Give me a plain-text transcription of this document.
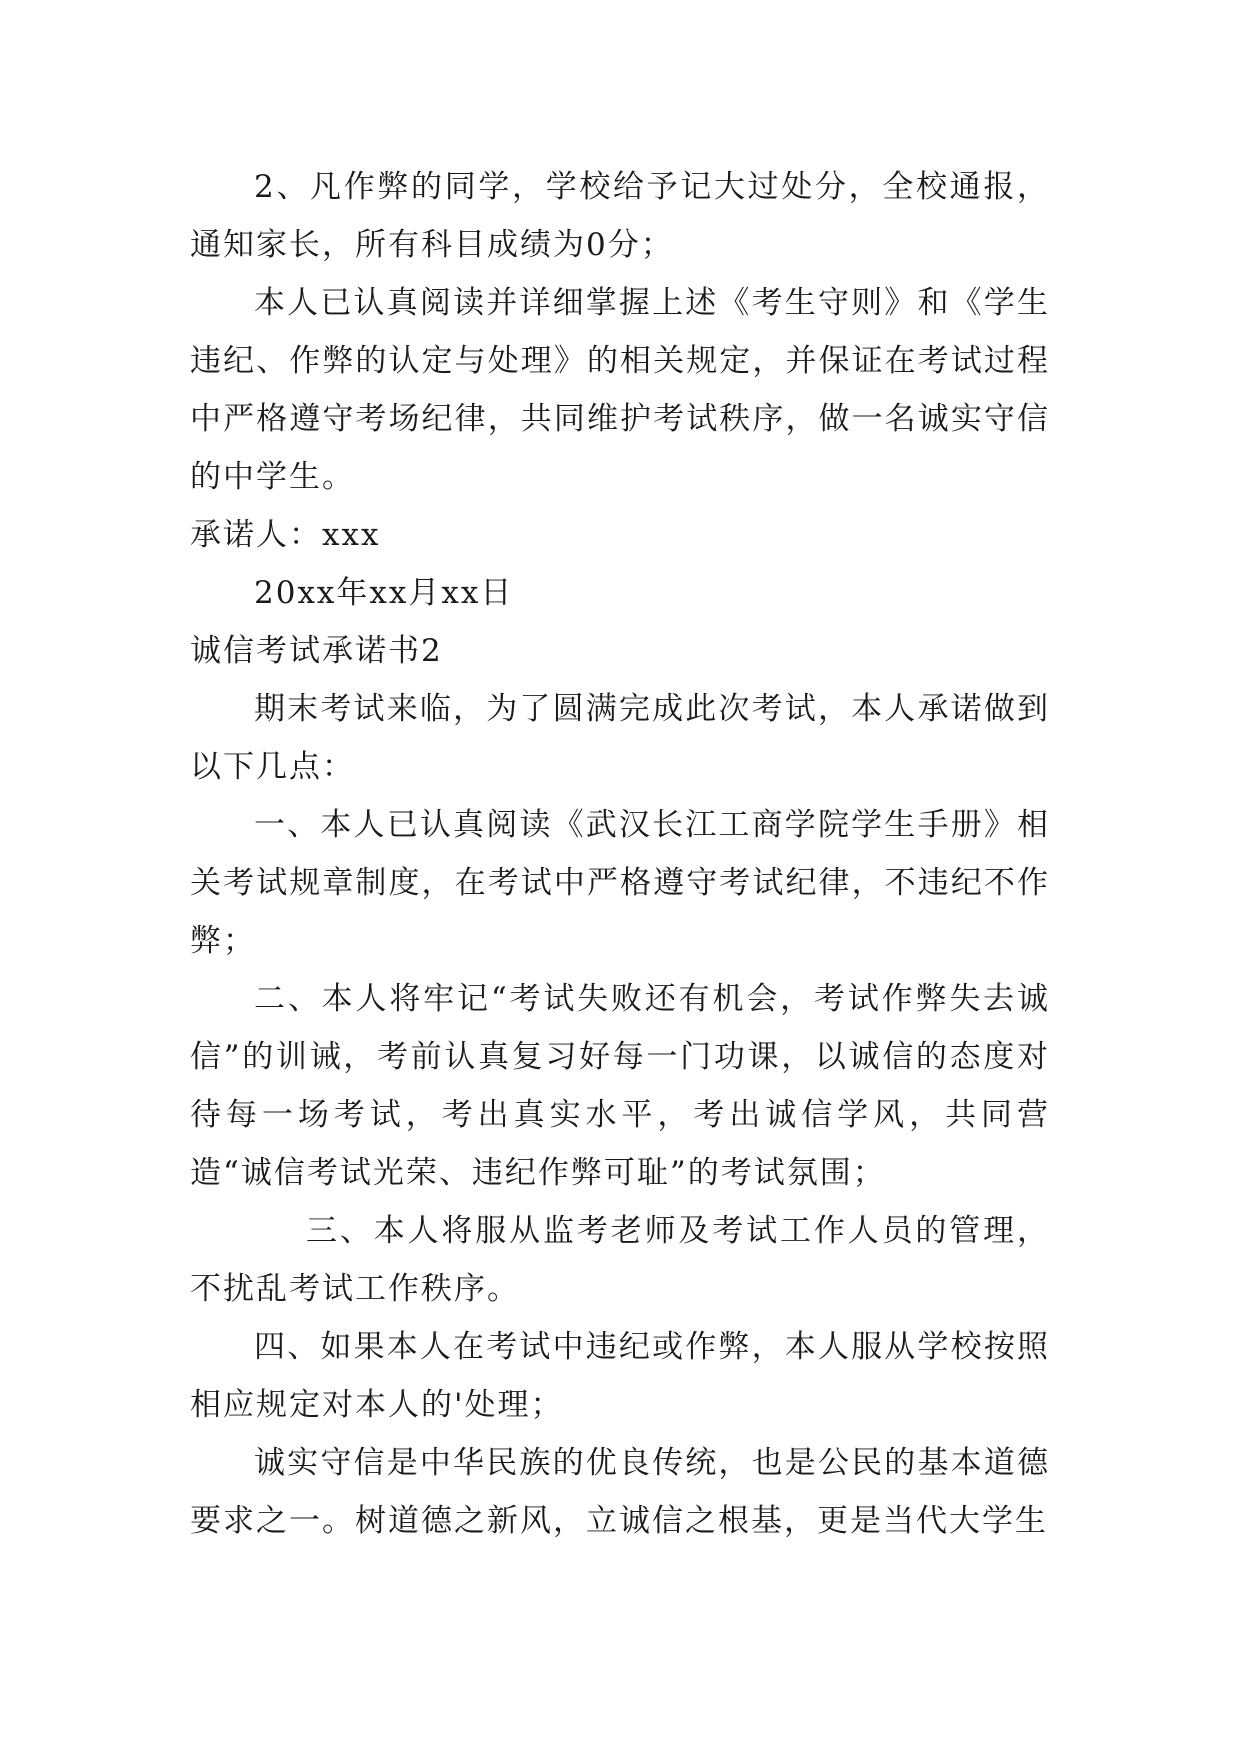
2、凡作弊的同学，学校给予记大过处分，全校通报，通知家长，所有科目成绩为0分；

本人已认真阅读并详细掌握上述《考生守则》和《学生违纪、作弊的认定与处理》的相关规定，并保证在考试过程中严格遵守考场纪律，共同维护考试秩序，做一名诚实守信的中学生。

承诺人：xxx

20xx年xx月xx日

诚信考试承诺书2

期末考试来临，为了圆满完成此次考试，本人承诺做到以下几点：

一、本人已认真阅读《武汉长江工商学院学生手册》相关考试规章制度，在考试中严格遵守考试纪律，不违纪不作弊；

二、本人将牢记“考试失败还有机会，考试作弊失去诚信”的训诫，考前认真复习好每一门功课，以诚信的态度对待每一场考试，考出真实水平，考出诚信学风，共同营造“诚信考试光荣、违纪作弊可耻”的考试氛围；

三、本人将服从监考老师及考试工作人员的管理，不扰乱考试工作秩序。

四、如果本人在考试中违纪或作弊，本人服从学校按照相应规定对本人的'处理；

诚实守信是中华民族的优良传统，也是公民的基本道德要求之一。树道德之新风，立诚信之根基，更是当代大学生
